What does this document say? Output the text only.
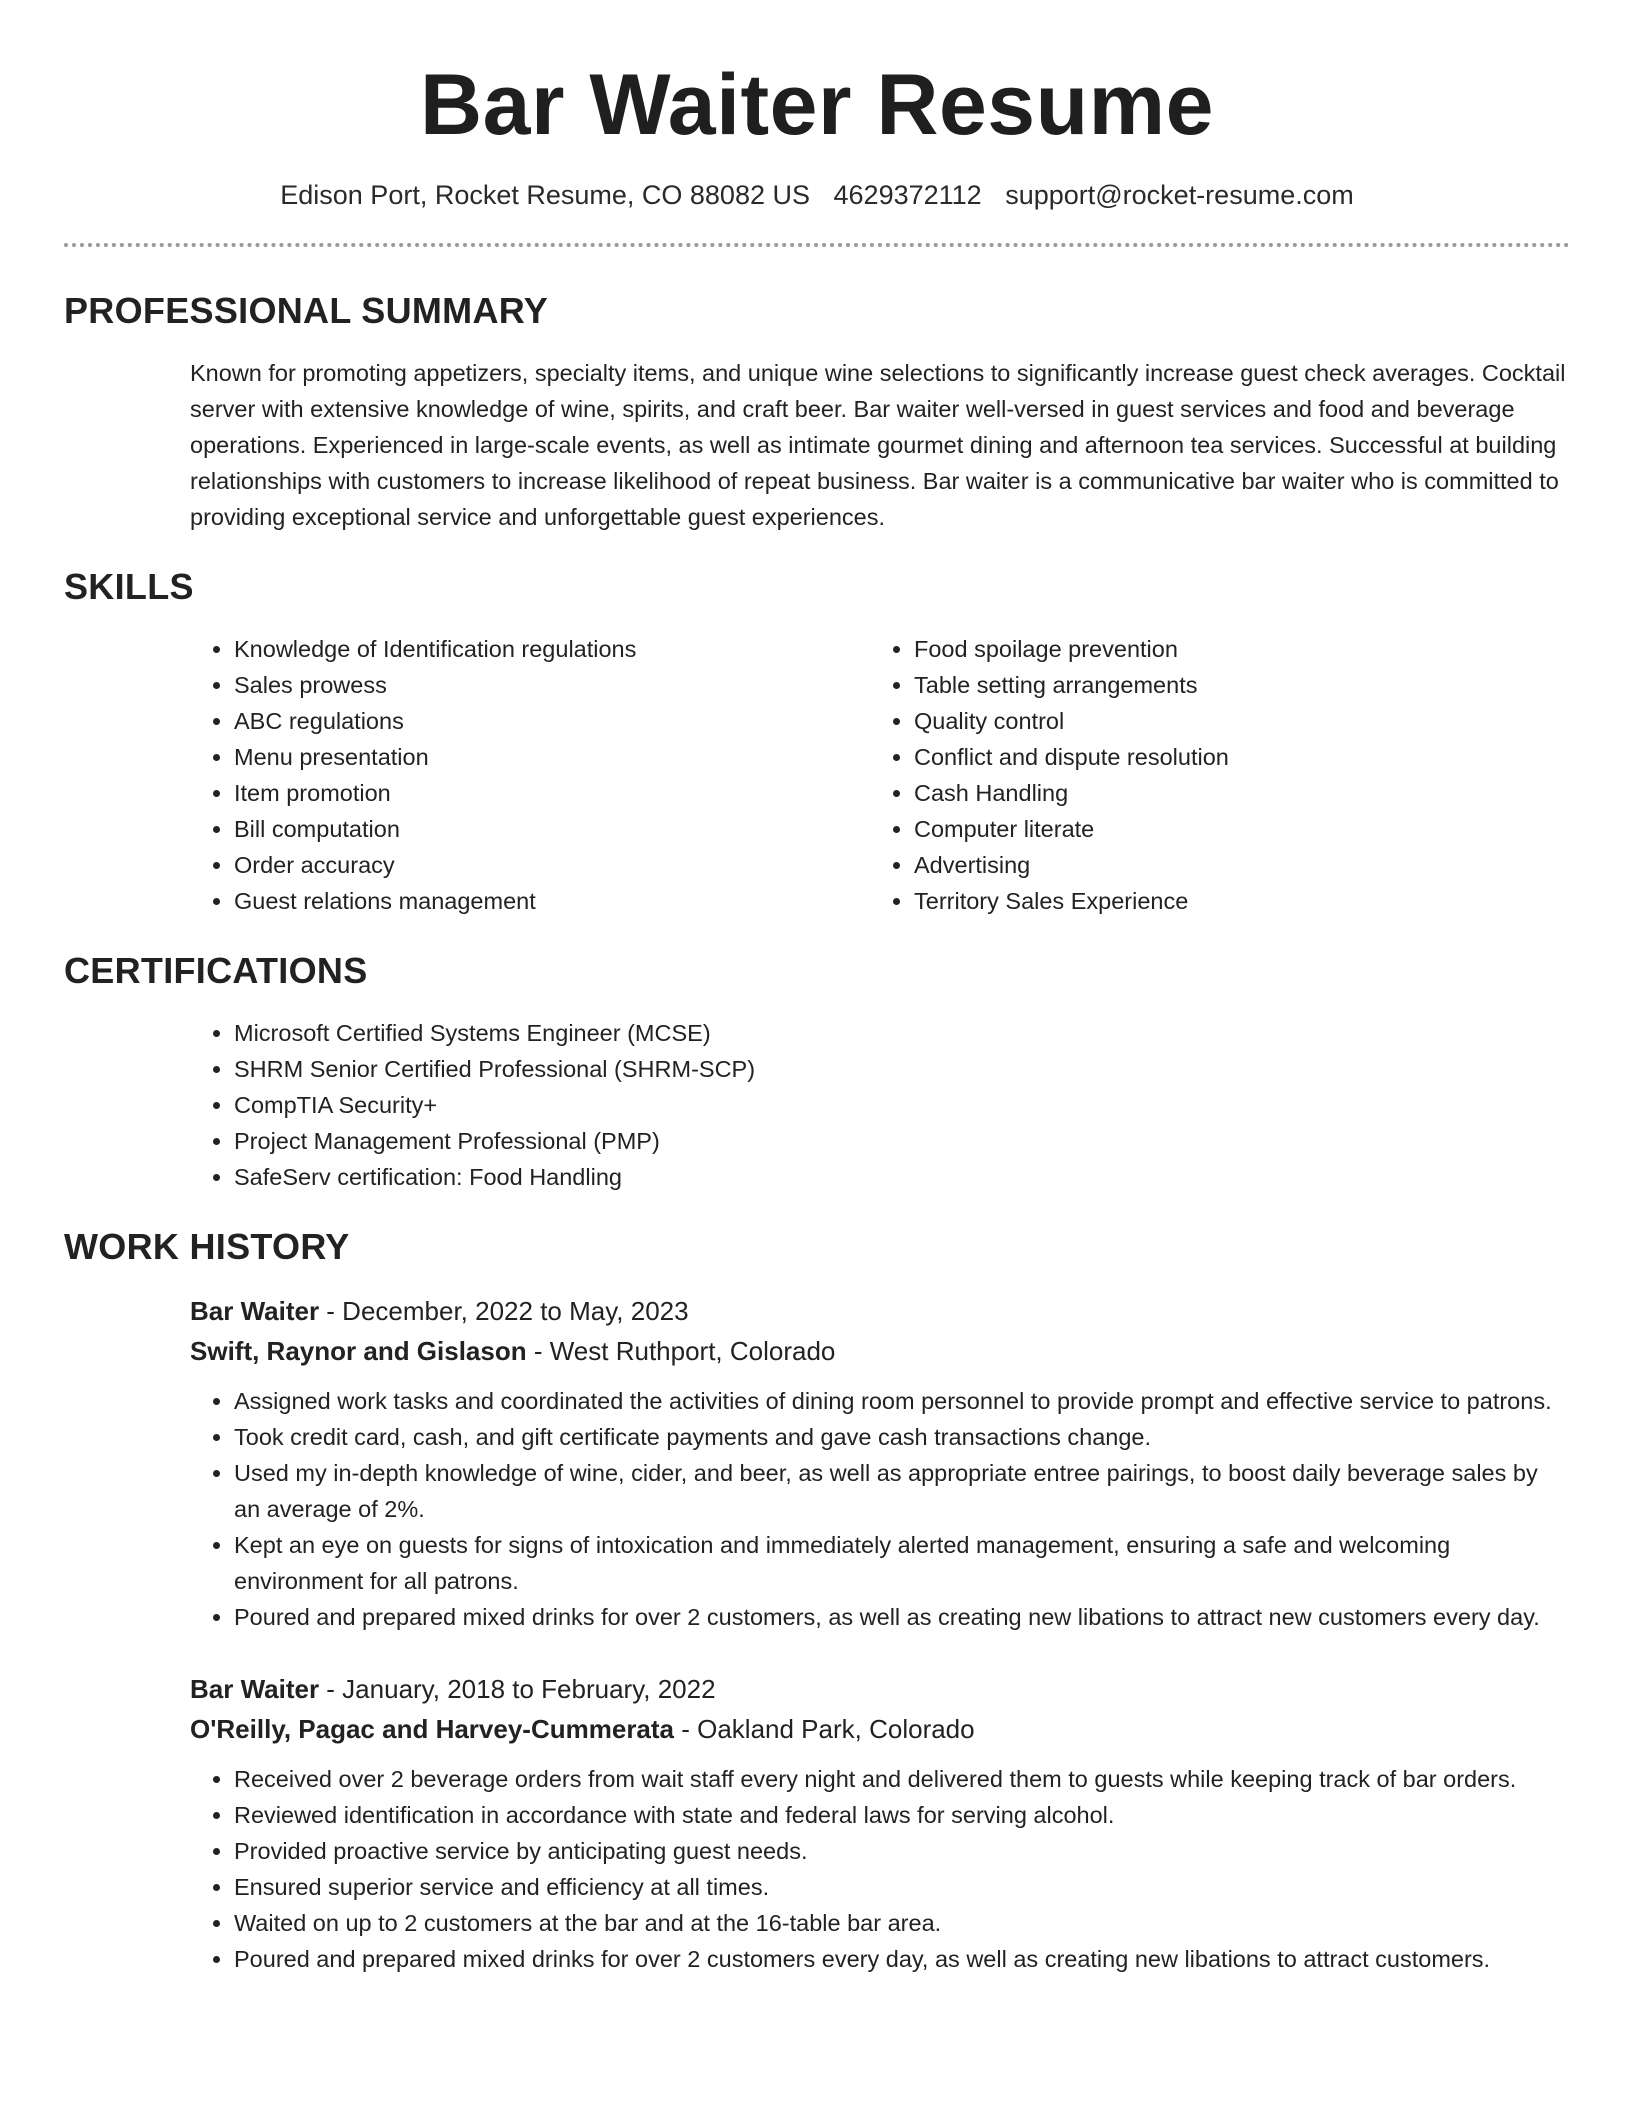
Bar Waiter Resume
Edison Port, Rocket Resume, CO 88082 US 4629372112 support@rocket-resume.com
PROFESSIONAL SUMMARY

Known for promoting appetizers, specialty items, and unique wine selections to significantly increase guest check averages. Cocktail server with extensive knowledge of wine, spirits, and craft beer. Bar waiter well-versed in guest services and food and beverage operations. Experienced in large-scale events, as well as intimate gourmet dining and afternoon tea services. Successful at building relationships with customers to increase likelihood of repeat business. Bar waiter is a communicative bar waiter who is committed to providing exceptional service and unforgettable guest experiences.

SKILLS
• Knowledge of Identification regulations
• Sales prowess
• ABC regulations
• Menu presentation
• Item promotion
• Bill computation
• Order accuracy
• Guest relations management
• Food spoilage prevention
• Table setting arrangements
• Quality control
• Conflict and dispute resolution
• Cash Handling
• Computer literate
• Advertising
• Territory Sales Experience
CERTIFICATIONS
• Microsoft Certified Systems Engineer (MCSE)
• SHRM Senior Certified Professional (SHRM-SCP)
• CompTIA Security+
• Project Management Professional (PMP)
• SafeServ certification: Food Handling
WORK HISTORY
Bar Waiter - December, 2022 to May, 2023
Swift, Raynor and Gislason - West Ruthport, Colorado
• Assigned work tasks and coordinated the activities of dining room personnel to provide prompt and effective service to patrons.
• Took credit card, cash, and gift certificate payments and gave cash transactions change.
• Used my in-depth knowledge of wine, cider, and beer, as well as appropriate entree pairings, to boost daily beverage sales by an average of 2%.
• Kept an eye on guests for signs of intoxication and immediately alerted management, ensuring a safe and welcoming environment for all patrons.
• Poured and prepared mixed drinks for over 2 customers, as well as creating new libations to attract new customers every day.
Bar Waiter - January, 2018 to February, 2022
O'Reilly, Pagac and Harvey-Cummerata - Oakland Park, Colorado
• Received over 2 beverage orders from wait staff every night and delivered them to guests while keeping track of bar orders.
• Reviewed identification in accordance with state and federal laws for serving alcohol.
• Provided proactive service by anticipating guest needs.
• Ensured superior service and efficiency at all times.
• Waited on up to 2 customers at the bar and at the 16-table bar area.
• Poured and prepared mixed drinks for over 2 customers every day, as well as creating new libations to attract customers.
